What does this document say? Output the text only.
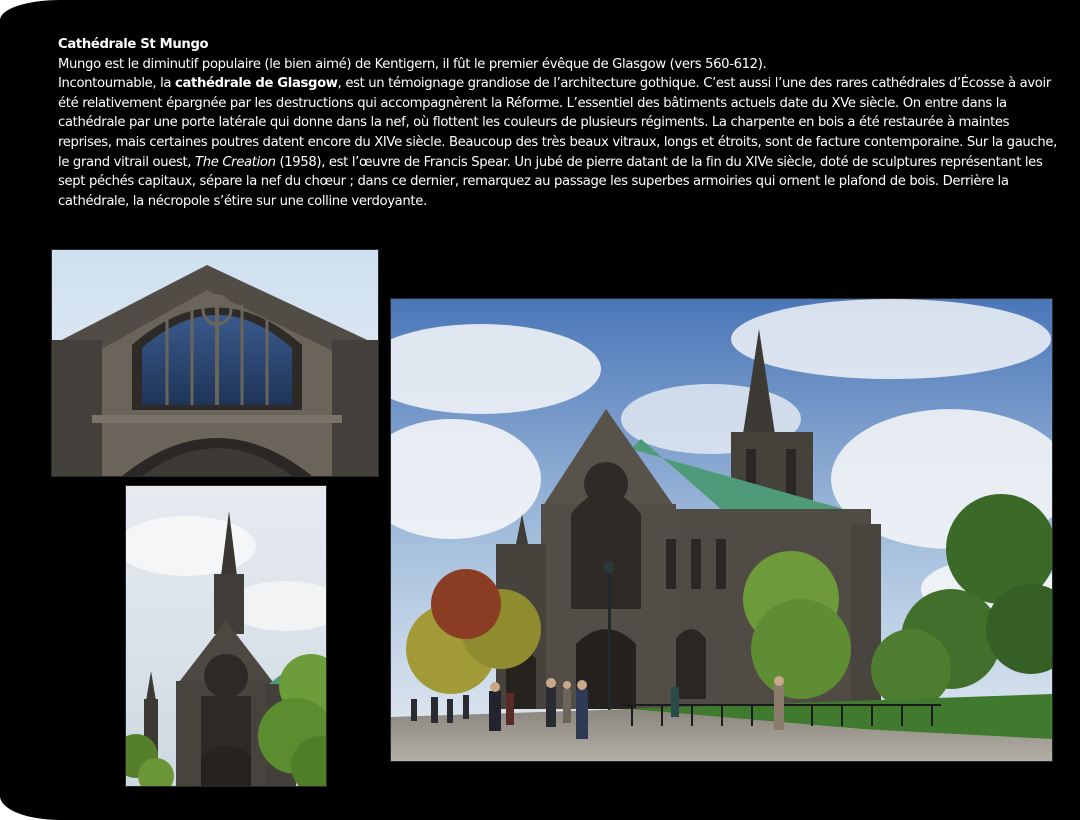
Cathédrale St Mungo

Mungo est le diminutif populaire (le bien aimé) de Kentigern, il fût le premier évêque de Glasgow (vers 560-612).

Incontournable, la cathédrale de Glasgow, est un témoignage grandiose de l’architecture gothique. C’est aussi l’une des rares cathédrales d’Écosse à avoir été relativement épargnée par les destructions qui accompagnèrent la Réforme. L’essentiel des bâtiments actuels date du XVe siècle. On entre dans la cathédrale par une porte latérale qui donne dans la nef, où flottent les couleurs de plusieurs régiments. La charpente en bois a été restaurée à maintes reprises, mais certaines poutres datent encore du XIVe siècle. Beaucoup des très beaux vitraux, longs et étroits, sont de facture contemporaine. Sur la gauche, le grand vitrail ouest, The Creation (1958), est l’œuvre de Francis Spear. Un jubé de pierre datant de la fin du XIVe siècle, doté de sculptures représentant les sept péchés capitaux, sépare la nef du chœur ; dans ce dernier, remarquez au passage les superbes armoiries qui ornent le plafond de bois. Derrière la cathédrale, la nécropole s’étire sur une colline verdoyante.
